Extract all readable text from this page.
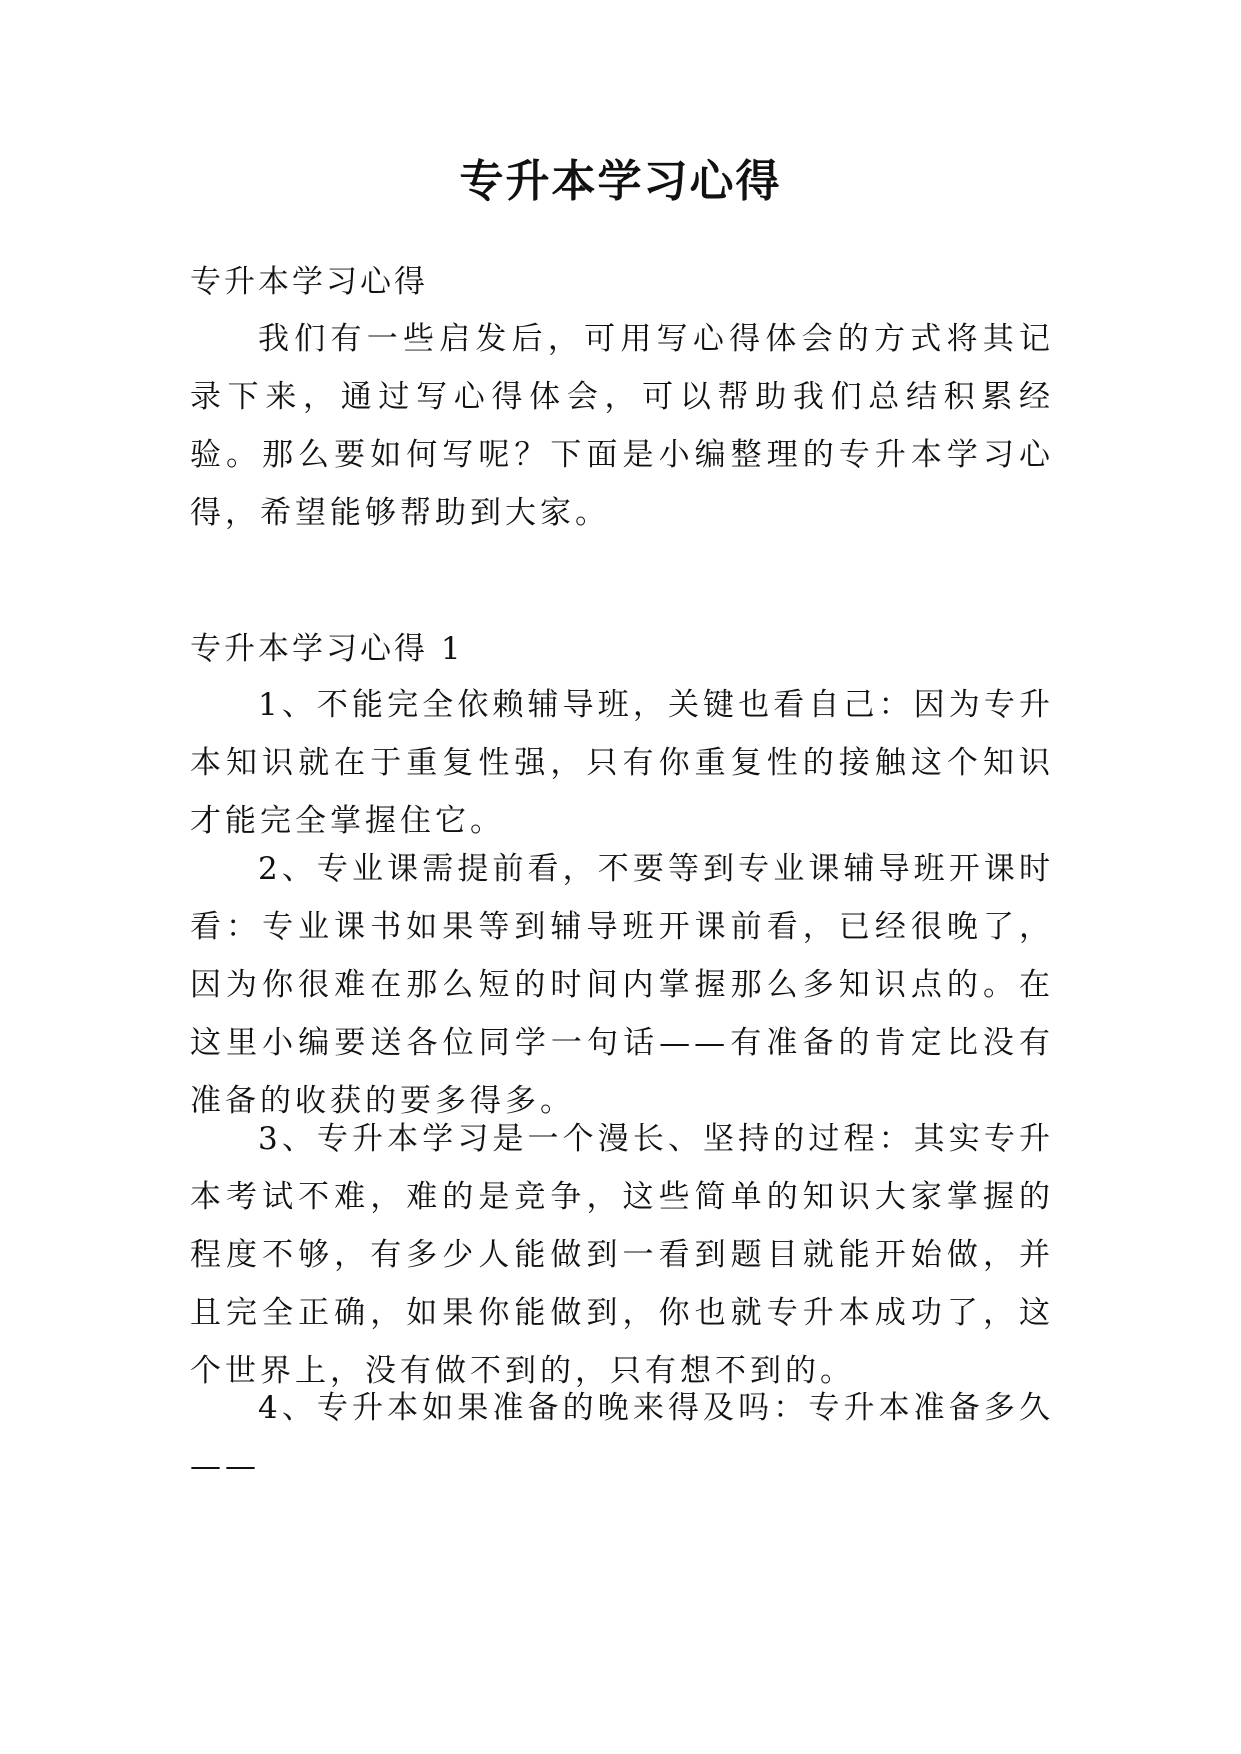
专升本学习心得

专升本学习心得

我们有一些启发后，可用写心得体会的方式将其记录下来，通过写心得体会，可以帮助我们总结积累经验。那么要如何写呢？下面是小编整理的专升本学习心得，希望能够帮助到大家。

专升本学习心得 1

1、不能完全依赖辅导班，关键也看自己：因为专升本知识就在于重复性强，只有你重复性的接触这个知识才能完全掌握住它。

2、专业课需提前看，不要等到专业课辅导班开课时看：专业课书如果等到辅导班开课前看，已经很晚了，因为你很难在那么短的时间内掌握那么多知识点的。在这里小编要送各位同学一句话——有准备的肯定比没有准备的收获的要多得多。

3、专升本学习是一个漫长、坚持的过程：其实专升本考试不难，难的是竞争，这些简单的知识大家掌握的程度不够，有多少人能做到一看到题目就能开始做，并且完全正确，如果你能做到，你也就专升本成功了，这个世界上，没有做不到的，只有想不到的。

4、专升本如果准备的晚来得及吗：专升本准备多久——
